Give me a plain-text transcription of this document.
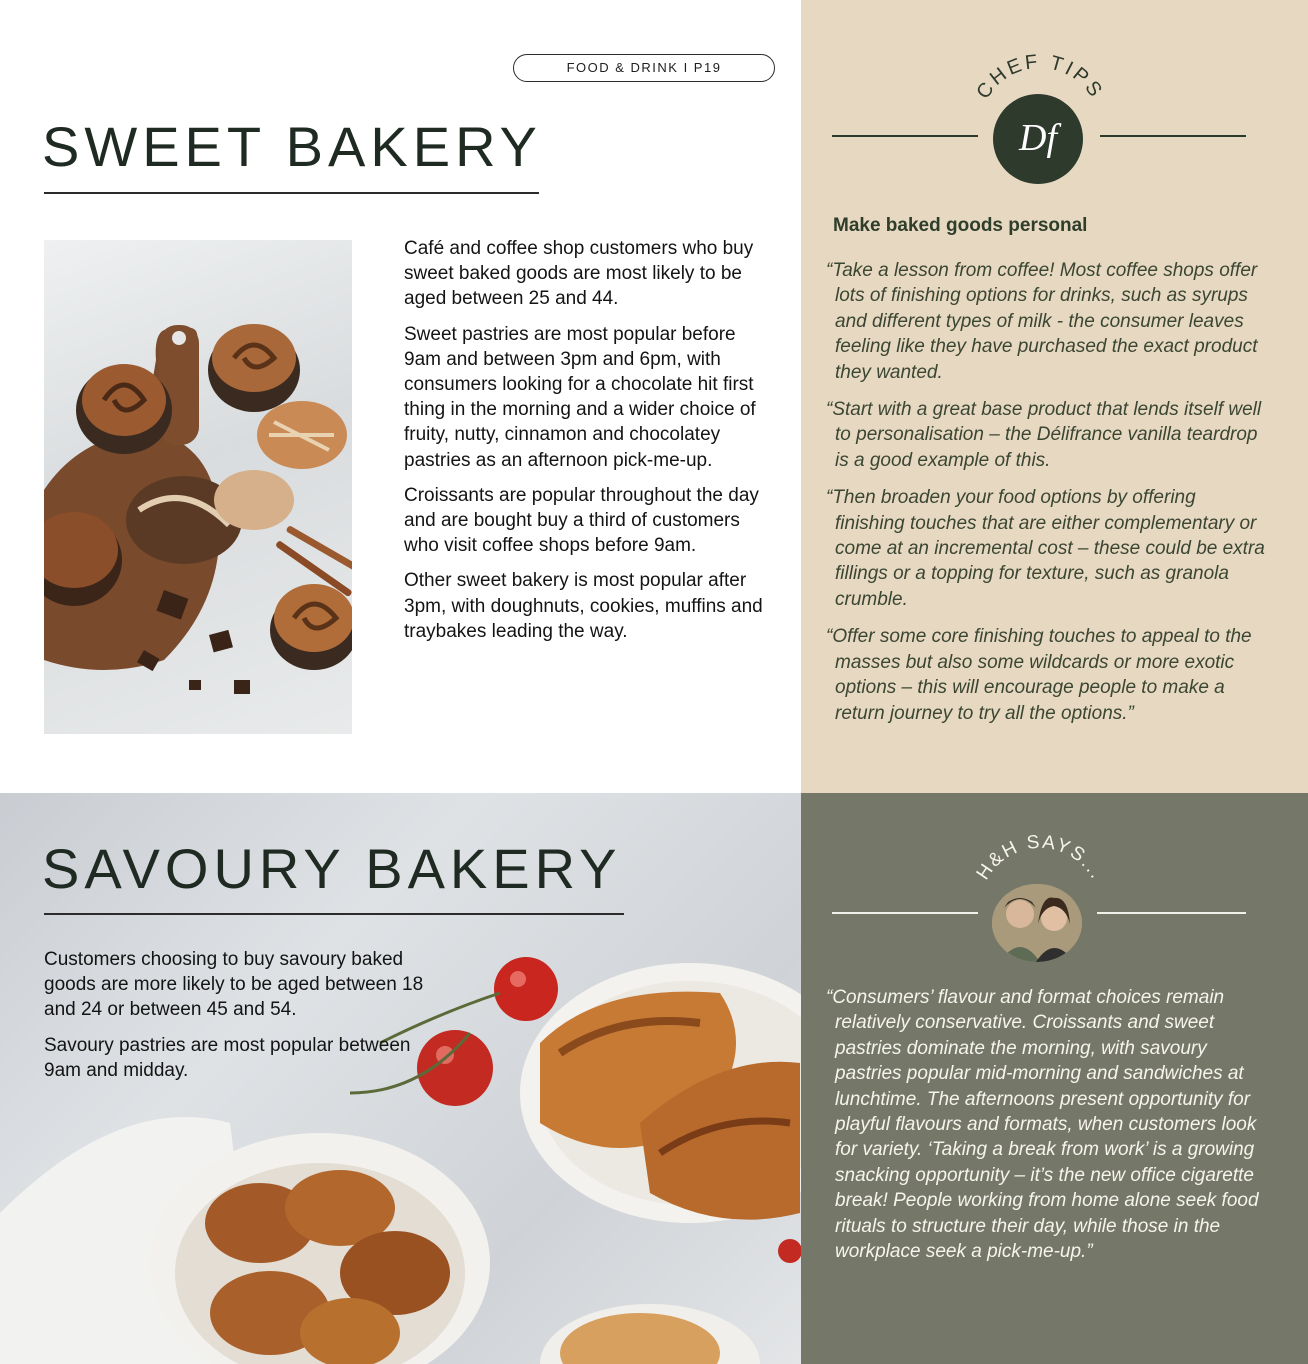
FOOD & DRINK I P19
SWEET BAKERY

Café and coffee shop customers who buy sweet baked goods are most likely to be aged between 25 and 44.

Sweet pastries are most popular before 9am and between 3pm and 6pm, with consumers looking for a chocolate hit first thing in the morning and a wider choice of fruity, nutty, cinnamon and chocolatey pastries as an afternoon pick-me-up.

Croissants are popular throughout the day and are bought buy a third of customers who visit coffee shops before 9am.

Other sweet bakery is most popular after 3pm, with doughnuts, cookies, muffins and traybakes leading the way.

CHEF TIPS
Df
Make baked goods personal

“Take a lesson from coffee! Most coffee shops offer lots of finishing options for drinks, such as syrups and different types of milk - the consumer leaves feeling like they have purchased the exact product they wanted.

“Start with a great base product that lends itself well to personalisation – the Délifrance vanilla teardrop is a good example of this.

“Then broaden your food options by offering finishing touches that are either complementary or come at an incremental cost – these could be extra fillings or a topping for texture, such as granola crumble.

“Offer some core finishing touches to appeal to the masses but also some wildcards or more exotic options – this will encourage people to make a return journey to try all the options.”

SAVOURY BAKERY

Customers choosing to buy savoury baked goods are more likely to be aged between 18 and 24 or between 45 and 54.

Savoury pastries are most popular between 9am and midday.

H&H SAYS...
“Consumers’ flavour and format choices remain relatively conservative. Croissants and sweet pastries dominate the morning, with savoury pastries popular mid-morning and sandwiches at lunchtime. The afternoons present opportunity for playful flavours and formats, when customers look for variety. ‘Taking a break from work’ is a growing snacking opportunity – it’s the new office cigarette break! People working from home alone seek food rituals to structure their day, while those in the workplace seek a pick-me-up.”
